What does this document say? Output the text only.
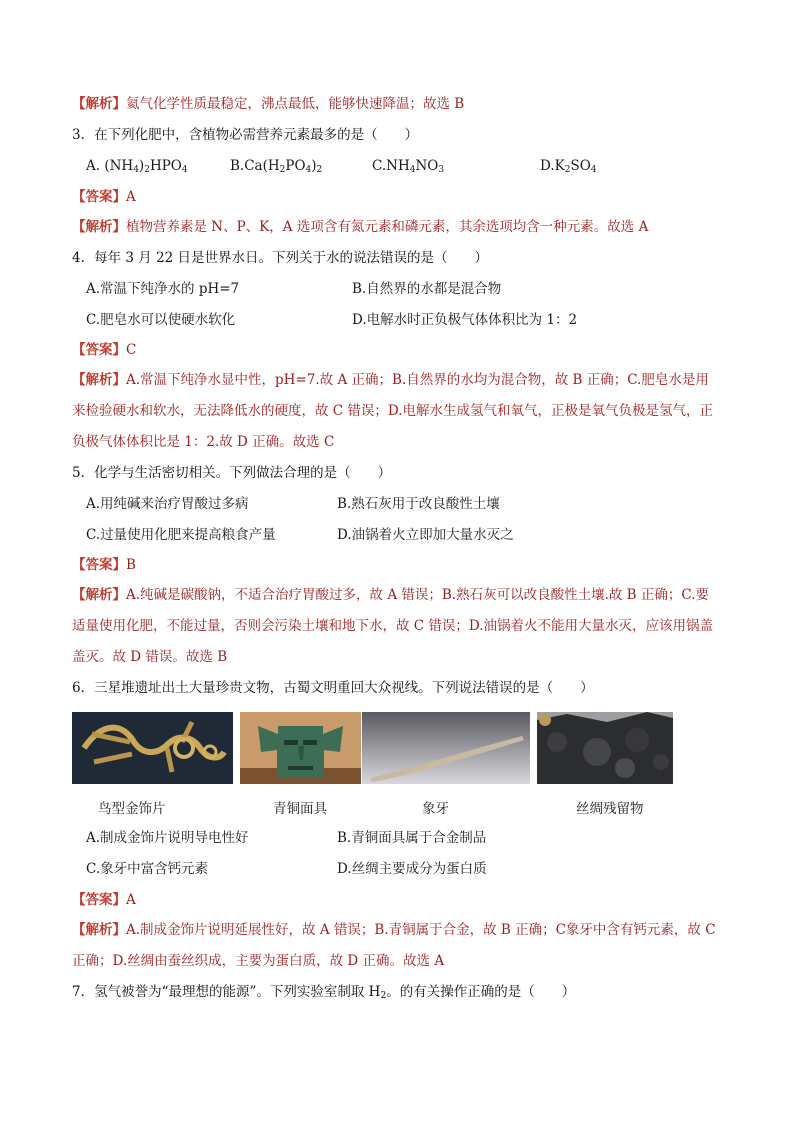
【解析】氦气化学性质最稳定，沸点最低，能够快速降温；故选 B
3．在下列化肥中，含植物必需营养元素最多的是（　　）
A. $(NH_4)_2HPO_4$	$B.Ca(H_2PO_4)_2$	$C.NH_4NO_3$	$D.K_2SO_4$
【答案】A
【解析】植物营养素是 N、P、K，A 选项含有氮元素和磷元素，其余选项均含一种元素。故选 A
4．每年 3 月 22 日是世界水日。下列关于水的说法错误的是（　　）
A.常温下纯净水的 pH=7	B.自然界的水都是混合物
C.肥皂水可以使硬水软化	D.电解水时正负极气体体积比为 1：2
【答案】C
【解析】A.常温下纯净水显中性，pH=7.故 A 正确；B.自然界的水均为混合物，故 B 正确；C.肥皂水是用来检验硬水和软水，无法降低水的硬度，故 C 错误；D.电解水生成氢气和氧气，正极是氧气负极是氢气，正负极气体体积比是 1：2.故 D 正确。故选 C
5．化学与生活密切相关。下列做法合理的是（　　）
A.用纯碱来治疗胃酸过多病	B.熟石灰用于改良酸性土壤
C.过量使用化肥来提高粮食产量	D.油锅着火立即加大量水灭之
【答案】B
【解析】A.纯碱是碳酸钠，不适合治疗胃酸过多，故 A 错误；B.熟石灰可以改良酸性土壤.故 B 正确；C.要适量使用化肥，不能过量，否则会污染土壤和地下水，故 C 错误；D.油锅着火不能用大量水灭，应该用锅盖盖灭。故 D 错误。故选 B
6．三星堆遗址出土大量珍贵文物，古蜀文明重回大众视线。下列说法错误的是（　　）
鸟型金饰片	青铜面具	象牙	丝绸残留物
A.制成金饰片说明导电性好	B.青铜面具属于合金制品
C.象牙中富含钙元素	D.丝绸主要成分为蛋白质
【答案】A
【解析】A.制成金饰片说明延展性好，故 A 错误；B.青铜属于合金，故 B 正确；C象牙中含有钙元素，故 C 正确；D.丝绸由蚕丝织成，主要为蛋白质，故 D 正确。故选 A
7．氢气被誉为“最理想的能源”。下列实验室制取 $H_2$。的有关操作正确的是（　　）
